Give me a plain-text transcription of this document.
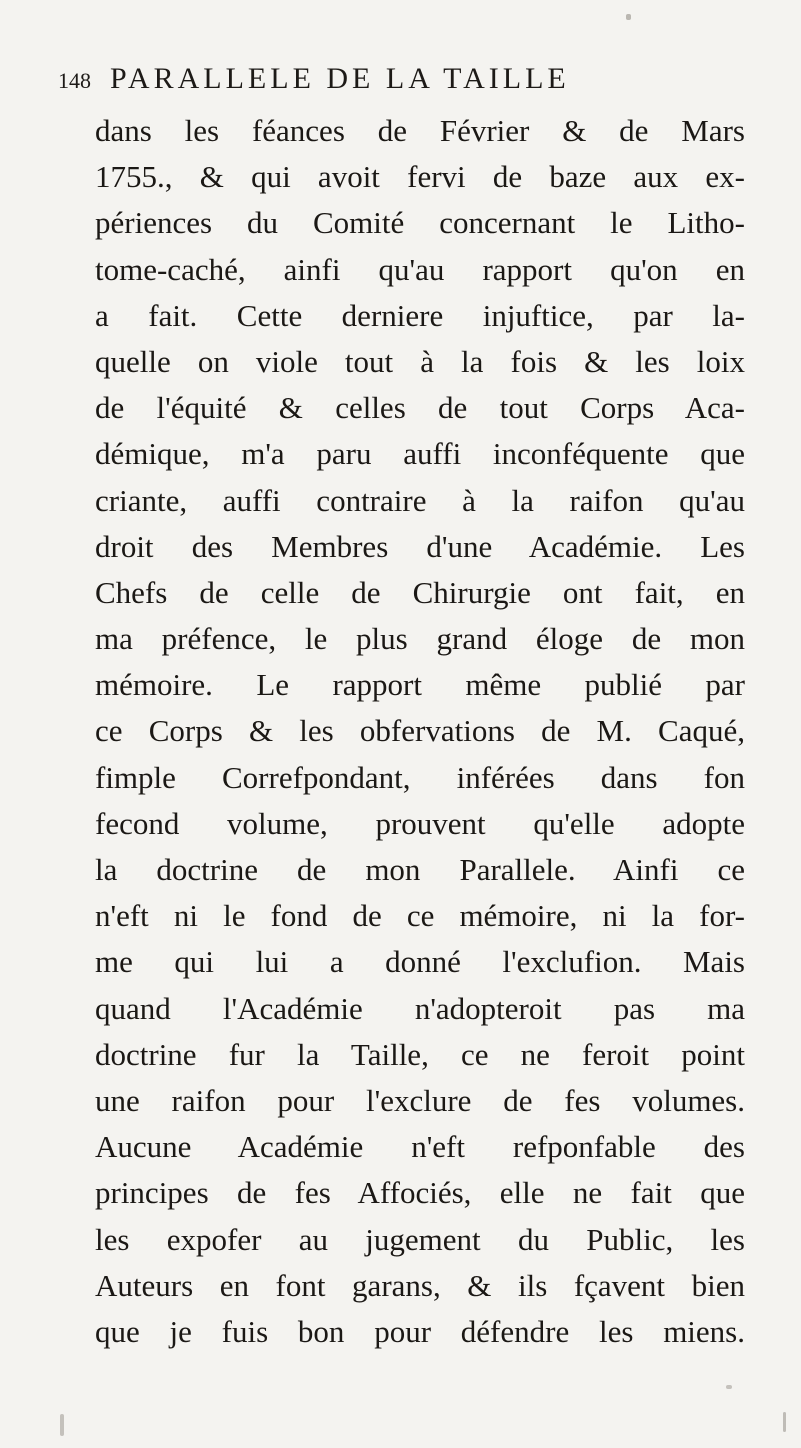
148 PARALLELE DE LA TAILLE
dans les féances de Février & de Mars
1755., & qui avoit fervi de baze aux ex-
périences du Comité concernant le Litho-
tome-caché, ainfi qu'au rapport qu'on en
a fait. Cette derniere injuftice, par la-
quelle on viole tout à la fois & les loix
de l'équité & celles de tout Corps Aca-
démique, m'a paru auffi inconféquente que
criante, auffi contraire à la raifon qu'au
droit des Membres d'une Académie. Les
Chefs de celle de Chirurgie ont fait, en
ma préfence, le plus grand éloge de mon
mémoire. Le rapport même publié par
ce Corps & les obfervations de M. Caqué,
fimple Correfpondant, inférées dans fon
fecond volume, prouvent qu'elle adopte
la doctrine de mon Parallele. Ainfi ce
n'eft ni le fond de ce mémoire, ni la for-
me qui lui a donné l'exclufion. Mais
quand l'Académie n'adopteroit pas ma
doctrine fur la Taille, ce ne feroit point
une raifon pour l'exclure de fes volumes.
Aucune Académie n'eft refponfable des
principes de fes Affociés, elle ne fait que
les expofer au jugement du Public, les
Auteurs en font garans, & ils fçavent bien
que je fuis bon pour défendre les miens.
